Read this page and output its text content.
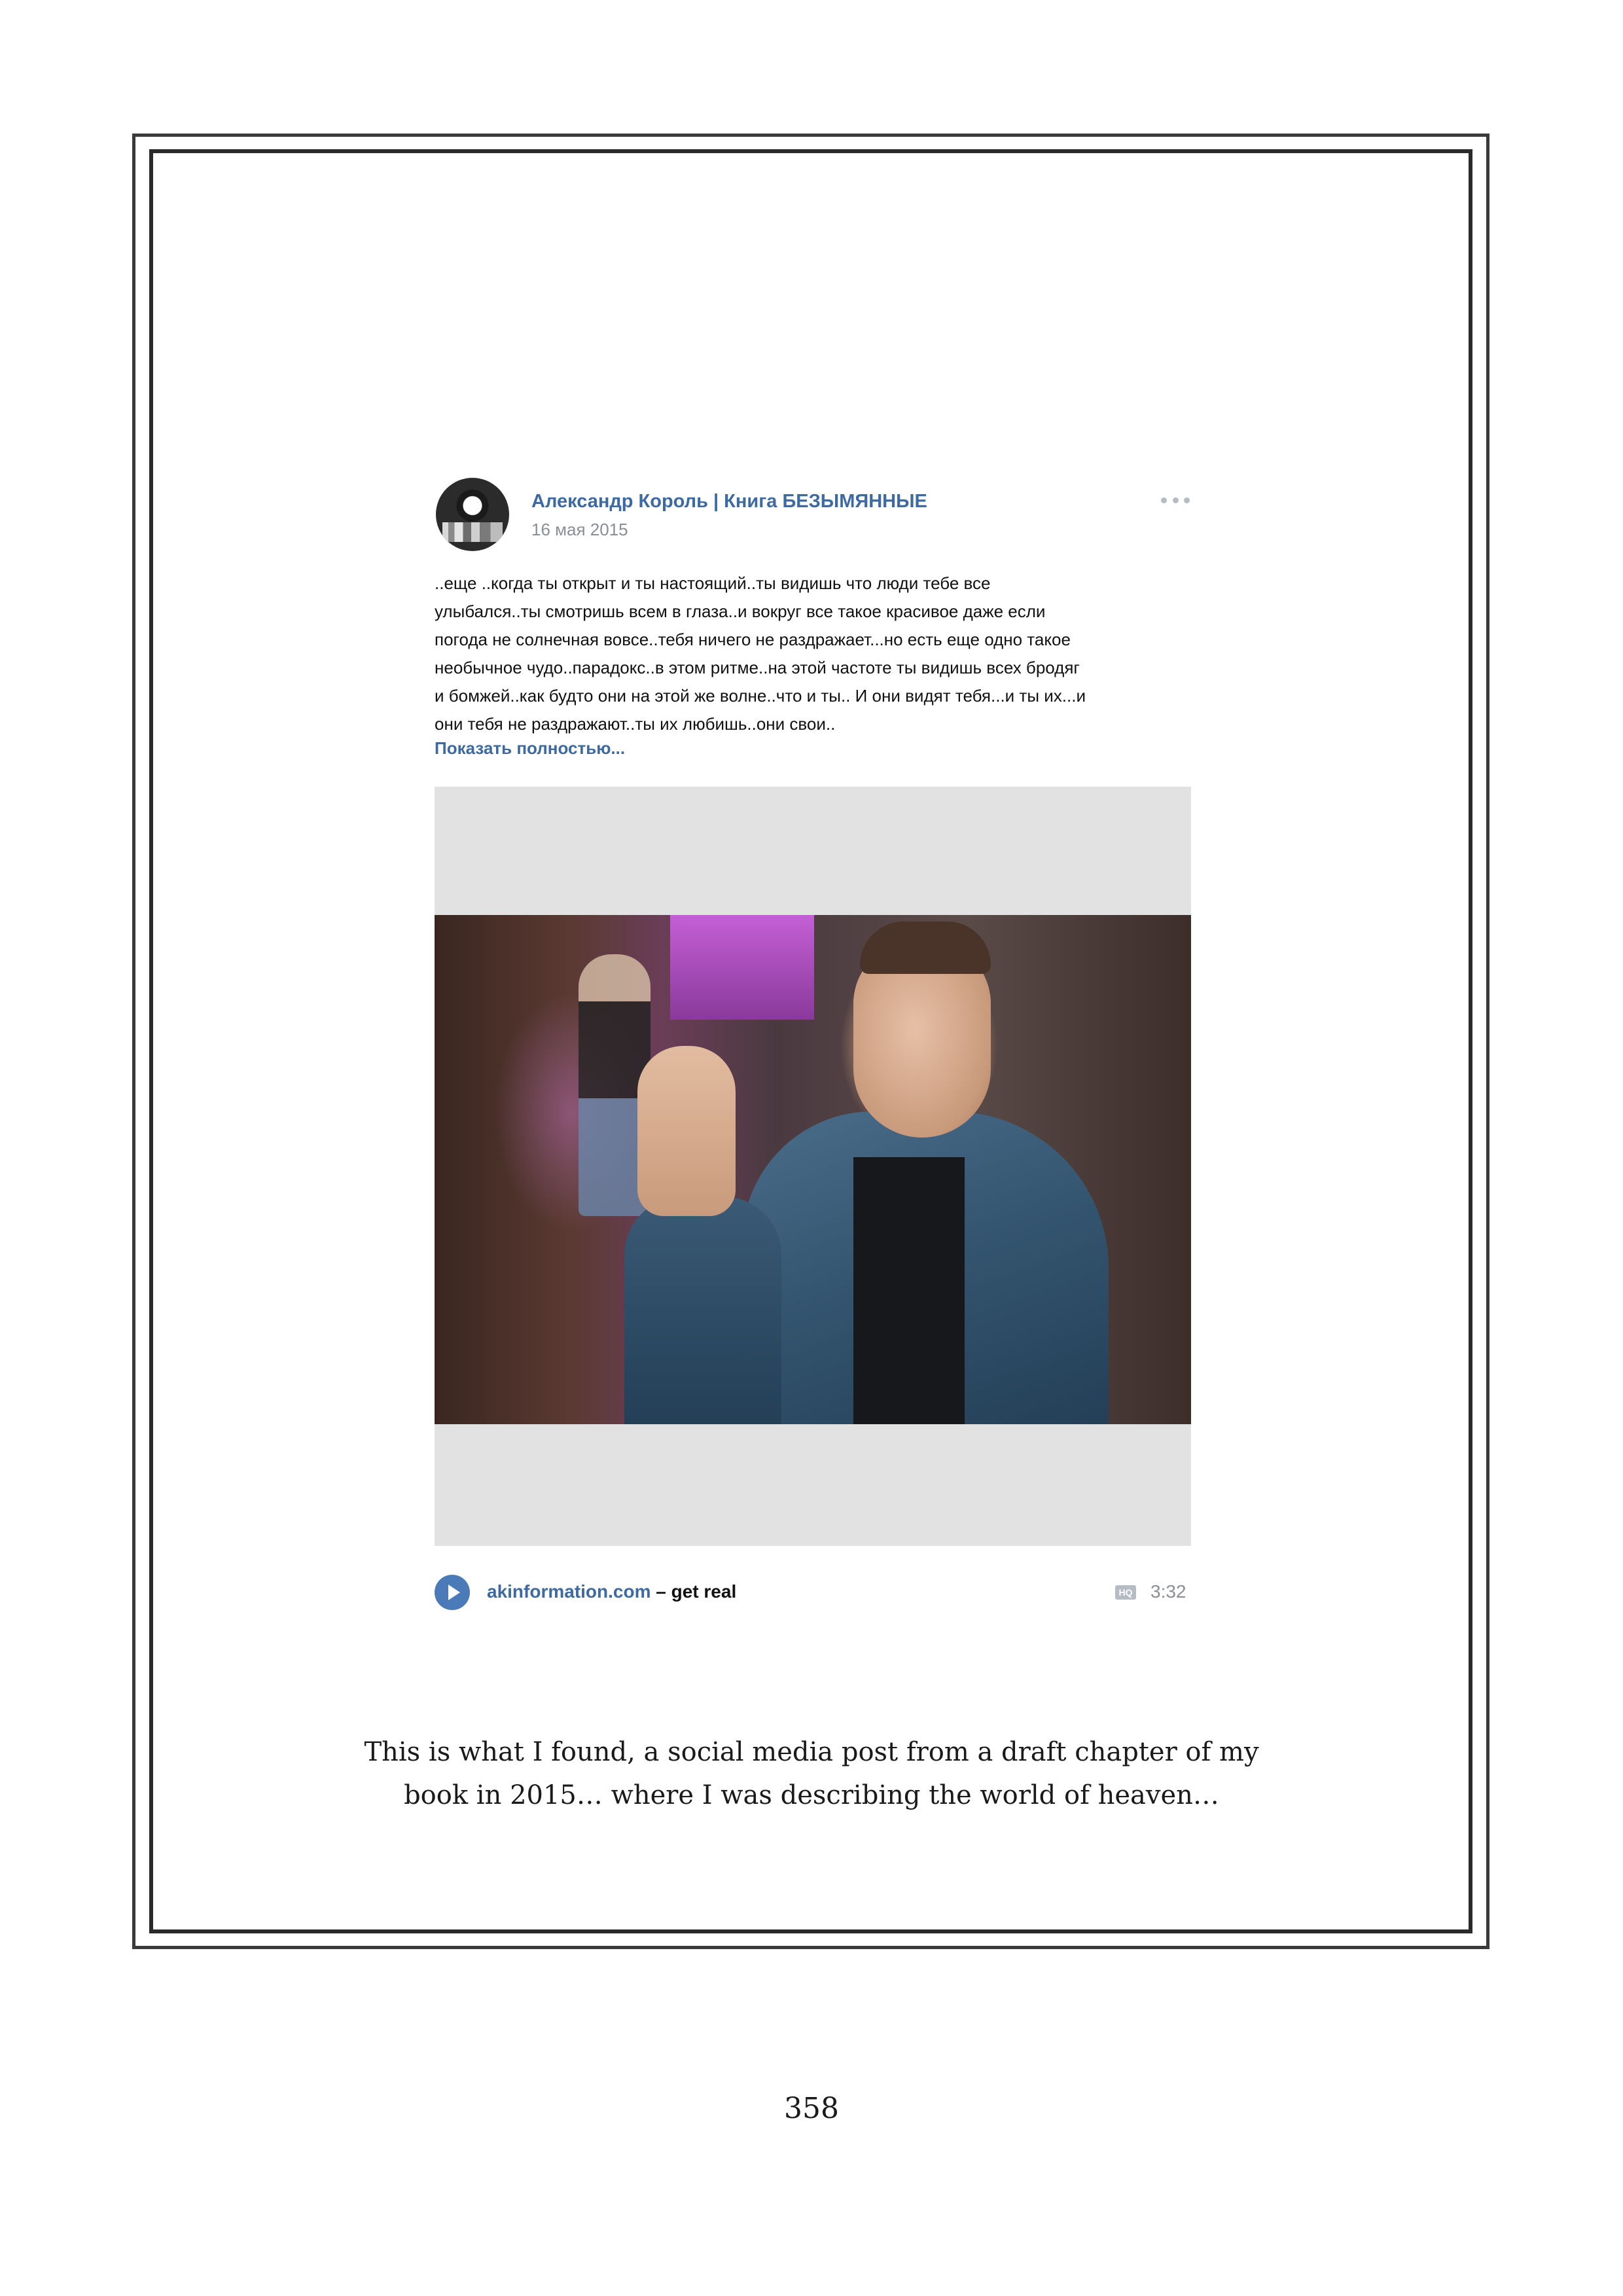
Александр Король | Книга БЕЗЫМЯННЫЕ
16 мая 2015
..еще ..когда ты открыт и ты настоящий..ты видишь что люди тебе все
улыбался..ты смотришь всем в глаза..и вокруг все такое красивое даже если
погода не солнечная вовсе..тебя ничего не раздражает...но есть еще одно такое
необычное чудо..парадокс..в этом ритме..на этой частоте ты видишь всех бродяг
и бомжей..как будто они на этой же волне..что и ты.. И они видят тебя...и ты их...и
они тебя не раздражают..ты их любишь..они свои..
Показать полностью...
akinformation.com – get real	HQ 3:32
This is what I found, a social media post from a draft chapter of my
book in 2015… where I was describing the world of heaven…
358
